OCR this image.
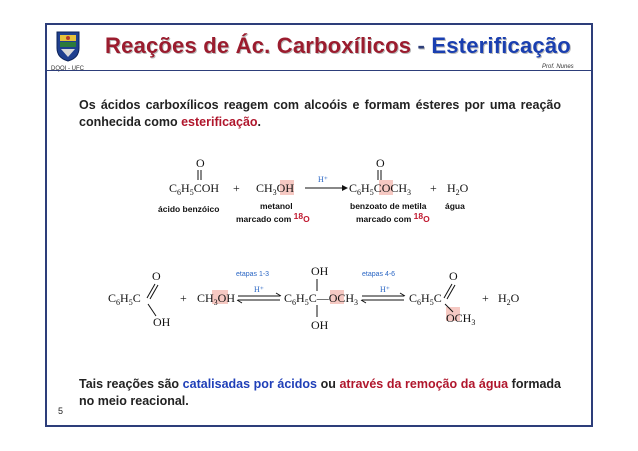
DQOI - UFC
Reações de Ác. Carboxílicos - Esterificação
Prof. Nunes
Os ácidos carboxílicos reagem com alcoóis e formam ésteres por uma reação conhecida como esterificação.
O
$C_6H_5COH + CH_3OH$
H⁺
O
$C_6H_5COCH_3 + H_2O$
ácido benzóico	metanol
marcado com 18O
benzoato de metila
marcado com 18O
água
O
$C_6H_5C$
OH
+ $CH_3OH$
etapas 1-3
H⁺
OH
$C_6H_5C—OCH_3$
OH
etapas 4-6
H⁺
O
$C_6H_5C$
$OCH_3$
+ $H_2O$
Tais reações são catalisadas por ácidos ou através da remoção da água formada no meio reacional.
5
